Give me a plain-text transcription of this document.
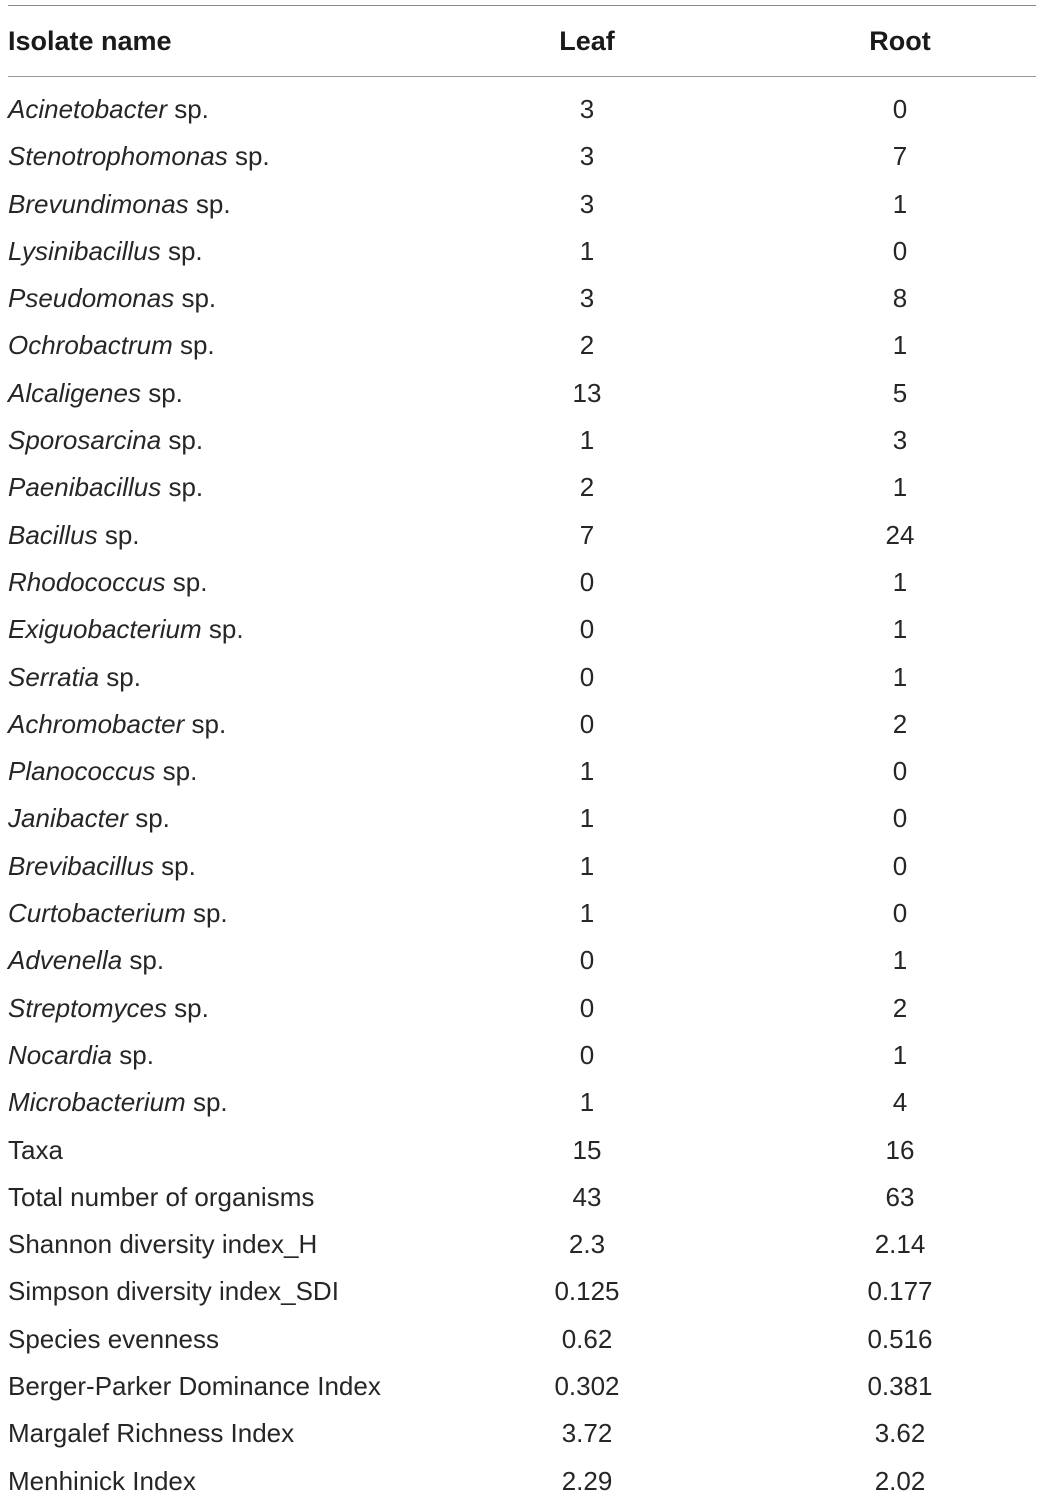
Isolate name	Leaf	Root
Acinetobacter sp.	3	0
Stenotrophomonas sp.	3	7
Brevundimonas sp.	3	1
Lysinibacillus sp.	1	0
Pseudomonas sp.	3	8
Ochrobactrum sp.	2	1
Alcaligenes sp.	13	5
Sporosarcina sp.	1	3
Paenibacillus sp.	2	1
Bacillus sp.	7	24
Rhodococcus sp.	0	1
Exiguobacterium sp.	0	1
Serratia sp.	0	1
Achromobacter sp.	0	2
Planococcus sp.	1	0
Janibacter sp.	1	0
Brevibacillus sp.	1	0
Curtobacterium sp.	1	0
Advenella sp.	0	1
Streptomyces sp.	0	2
Nocardia sp.	0	1
Microbacterium sp.	1	4
Taxa	15	16
Total number of organisms	43	63
Shannon diversity index_H	2.3	2.14
Simpson diversity index_SDI	0.125	0.177
Species evenness	0.62	0.516
Berger-Parker Dominance Index	0.302	0.381
Margalef Richness Index	3.72	3.62
Menhinick Index	2.29	2.02
